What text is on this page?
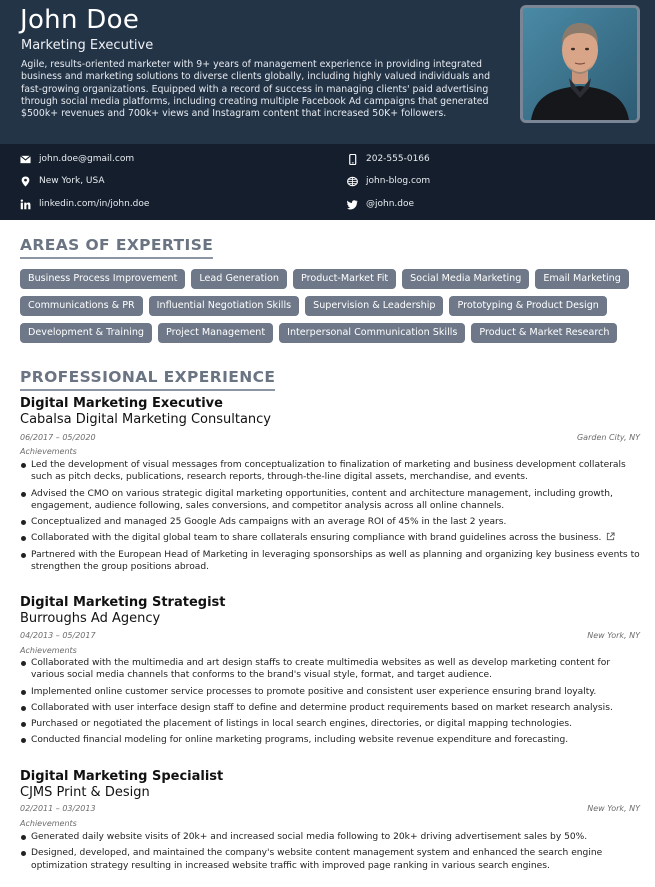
John Doe
Marketing Executive
Agile, results-oriented marketer with 9+ years of management experience in providing integrated business and marketing solutions to diverse clients globally, including highly valued individuals and fast-growing organizations. Equipped with a record of success in managing clients' paid advertising through social media platforms, including creating multiple Facebook Ad campaigns that generated $500k+ revenues and 700k+ views and Instagram content that increased 50K+ followers.
john.doe@gmail.com	202-555-0166
New York, USA	john-blog.com
linkedin.com/in/john.doe	@john.doe
AREAS OF EXPERTISE
Business Process Improvement	Lead Generation	Product-Market Fit	Social Media Marketing	Email Marketing
Communications & PR	Influential Negotiation Skills	Supervision & Leadership	Prototyping & Product Design
Development & Training	Project Management	Interpersonal Communication Skills	Product & Market Research
PROFESSIONAL EXPERIENCE
Digital Marketing Executive
Cabalsa Digital Marketing Consultancy
06/2017 – 05/2020	Garden City, NY
Achievements
Led the development of visual messages from conceptualization to finalization of marketing and business development collaterals such as pitch decks, publications, research reports, through-the-line digital assets, merchandise, and events.
Advised the CMO on various strategic digital marketing opportunities, content and architecture management, including growth, engagement, audience following, sales conversions, and competitor analysis across all online channels.
Conceptualized and managed 25 Google Ads campaigns with an average ROI of 45% in the last 2 years.
Collaborated with the digital global team to share collaterals ensuring compliance with brand guidelines across the business.
Partnered with the European Head of Marketing in leveraging sponsorships as well as planning and organizing key business events to strengthen the group positions abroad.
Digital Marketing Strategist
Burroughs Ad Agency
04/2013 – 05/2017	New York, NY
Achievements
Collaborated with the multimedia and art design staffs to create multimedia websites as well as develop marketing content for various social media channels that conforms to the brand's visual style, format, and target audience.
Implemented online customer service processes to promote positive and consistent user experience ensuring brand loyalty.
Collaborated with user interface design staff to define and determine product requirements based on market research analysis.
Purchased or negotiated the placement of listings in local search engines, directories, or digital mapping technologies.
Conducted financial modeling for online marketing programs, including website revenue expenditure and forecasting.
Digital Marketing Specialist
CJMS Print & Design
02/2011 – 03/2013	New York, NY
Achievements
Generated daily website visits of 20k+ and increased social media following to 20k+ driving advertisement sales by 50%.
Designed, developed, and maintained the company's website content management system and enhanced the search engine optimization strategy resulting in increased website traffic with improved page ranking in various search engines.
